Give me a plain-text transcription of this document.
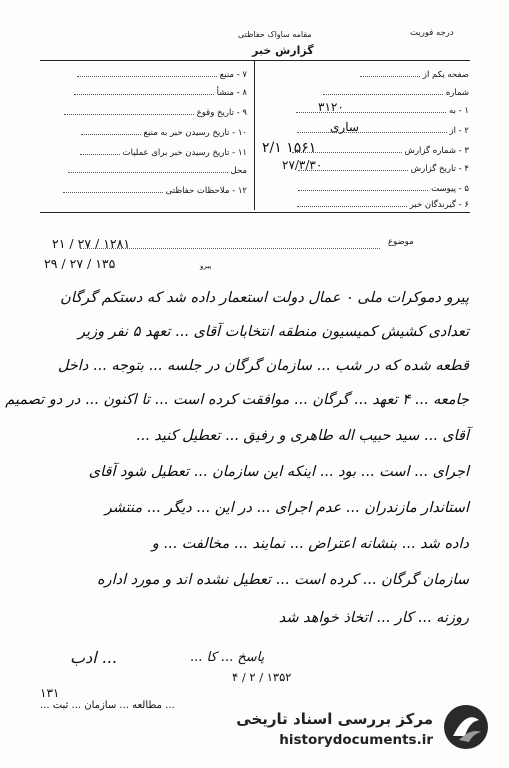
درجه فوریت
مقامه ساواک حفاظتی
گزارش خبر
صفحه یکم از
شماره
۱ - به
۲ - از
۳ - شماره گزارش
۴ - تاریخ گزارش
۵ - پیوست
۶ - گیرندگان خبر
۳۱۲۰
ساری
۲/۱ ۱۵۶۱
۲۷/۳/۳۰
۷ - منبع
۸ - منشأ
۹ - تاریخ وقوع
۱۰ - تاریخ رسیدن خبر به منبع
۱۱ - تاریخ رسیدن خبر برای عملیات
محل
۱۲ - ملاحظات حفاظتی
موضوع
۱۲۸۱ / ۲۷ / ۲۱
۱۳۵ / ۲۷ / ۲۹	پیرو
پیرو دموکرات ملی ۰ عمال دولت استعمار داده شد که دستکم گرگان
تعدادی کشیش کمیسیون منطقه انتخابات آقای ... تعهد ۵ نفر وزیر
قطعه شده که در شب ... سازمان گرگان در جلسه ... بتوجه ... داخل
جامعه ... ۴ تعهد ... گرگان ... موافقت کرده است ... تا اکنون ... در دو تصمیم
آقای ... سید حبیب اله طاهری و رفیق ... تعطیل کنید ...
اجرای ... است ... بود ... اینکه این سازمان ... تعطیل شود آقای
استاندار مازندران ... عدم اجرای ... در این ... دیگر ... منتشر
داده شد ... بنشانه اعتراض ... نمایند ... مخالفت ... و
سازمان گرگان ... کرده است ... تعطیل نشده اند و مورد اداره
روزنه ... کار ... اتخاذ خواهد شد
... ادب	پاسخ ... کا ...
۱۳۵۲ / ۲ / ۴
۱۳۱
... مطالعه ... سازمان ... ثبت ...
مرکز بررسی اسناد تاریخی
historydocuments.ir
